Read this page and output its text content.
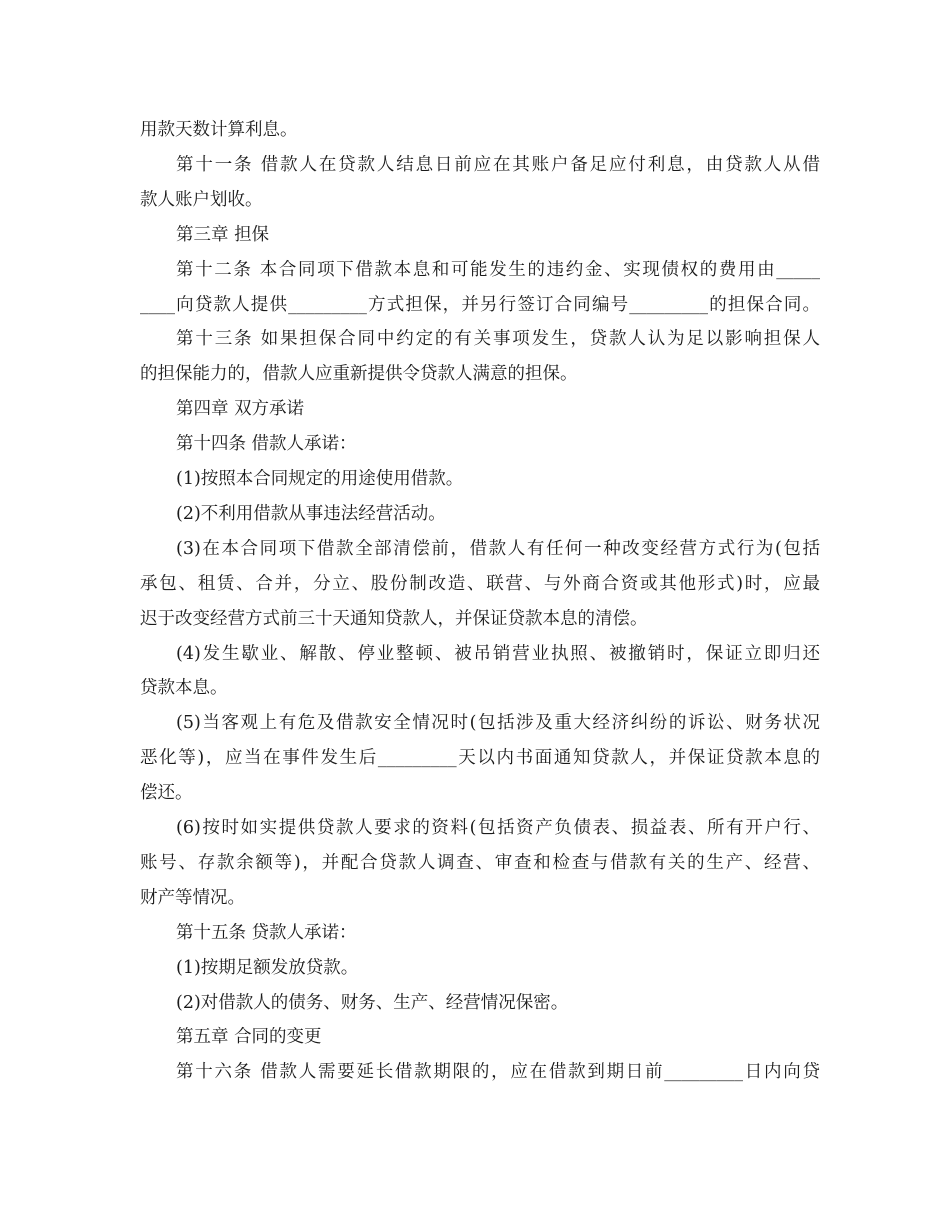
用款天数计算利息。
第十一条 借款人在贷款人结息日前应在其账户备足应付利息，由贷款人从借
款人账户划收。
第三章 担保
第十二条 本合同项下借款本息和可能发生的违约金、实现债权的费用由_____
____向贷款人提供_________方式担保，并另行签订合同编号_________的担保合同。
第十三条 如果担保合同中约定的有关事项发生，贷款人认为足以影响担保人
的担保能力的，借款人应重新提供令贷款人满意的担保。
第四章 双方承诺
第十四条 借款人承诺：
(1)按照本合同规定的用途使用借款。
(2)不利用借款从事违法经营活动。
(3)在本合同项下借款全部清偿前，借款人有任何一种改变经营方式行为(包括
承包、租赁、合并，分立、股份制改造、联营、与外商合资或其他形式)时，应最
迟于改变经营方式前三十天通知贷款人，并保证贷款本息的清偿。
(4)发生歇业、解散、停业整顿、被吊销营业执照、被撤销时，保证立即归还
贷款本息。
(5)当客观上有危及借款安全情况时(包括涉及重大经济纠纷的诉讼、财务状况
恶化等)，应当在事件发生后_________天以内书面通知贷款人，并保证贷款本息的
偿还。
(6)按时如实提供贷款人要求的资料(包括资产负债表、损益表、所有开户行、
账号、存款余额等)，并配合贷款人调查、审查和检查与借款有关的生产、经营、
财产等情况。
第十五条 贷款人承诺：
(1)按期足额发放贷款。
(2)对借款人的债务、财务、生产、经营情况保密。
第五章 合同的变更
第十六条 借款人需要延长借款期限的，应在借款到期日前_________日内向贷
